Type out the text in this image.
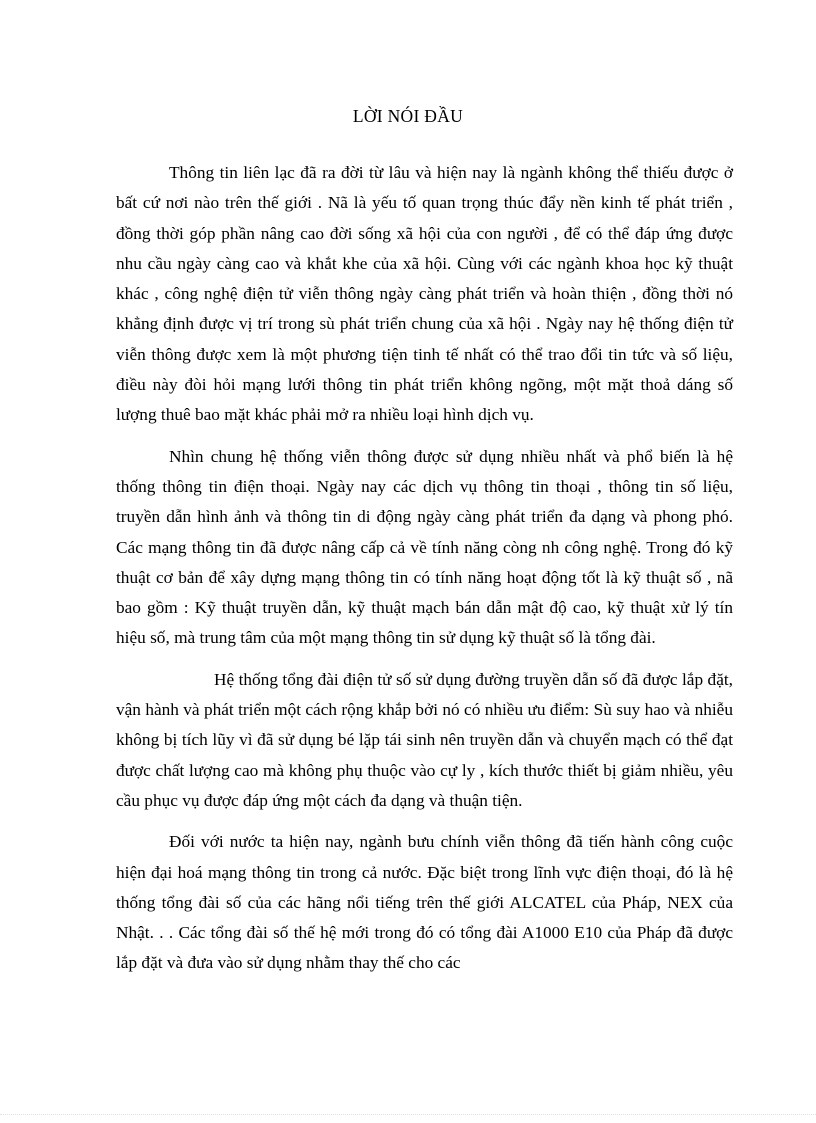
LỜI NÓI ĐẦU

Thông tin liên lạc đã ra đời từ lâu và hiện nay là ngành không thể thiếu được ở bất cứ nơi nào trên thế giới . Nã là yếu tố quan trọng thúc đẩy nền kinh tế phát triển , đồng thời góp phần nâng cao đời sống xã hội của con người , để có thể đáp ứng được nhu cầu ngày càng cao và khắt khe của xã hội. Cùng với các ngành khoa học kỹ thuật khác , công nghệ điện tử viễn thông ngày càng phát triển và hoàn thiện , đồng thời nó khẳng định được vị trí trong sù phát triển chung của xã hội . Ngày nay hệ thống điện tử viễn thông được xem là một phương tiện tinh tế nhất có thể trao đổi tin tức và số liệu, điều này đòi hỏi mạng lưới thông tin phát triển không ngõng, một mặt thoả dáng số lượng thuê bao mặt khác phải mở ra nhiều loại hình dịch vụ.

Nhìn chung hệ thống viễn thông được sử dụng nhiều nhất và phổ biến là hệ thống thông tin điện thoại. Ngày nay các dịch vụ thông tin thoại , thông tin số liệu, truyền dẫn hình ảnh và thông tin di động ngày càng phát triển đa dạng và phong phó. Các mạng thông tin đã được nâng cấp cả về tính năng còng nh công nghệ. Trong đó kỹ thuật cơ bản để xây dựng mạng thông tin có tính năng hoạt động tốt là kỹ thuật số , nã bao gồm : Kỹ thuật truyền dẫn, kỹ thuật mạch bán dẫn mật độ cao, kỹ thuật xử lý tín hiệu số, mà trung tâm của một mạng thông tin sử dụng kỹ thuật số là tổng đài.

Hệ thống tổng đài điện tử số sử dụng đường truyền dẫn số đã được lắp đặt, vận hành và phát triển một cách rộng khắp bởi nó có nhiều ưu điểm: Sù suy hao và nhiễu không bị tích lũy vì đã sử dụng bé lặp tái sinh nên truyền dẫn và chuyển mạch có thể đạt được chất lượng cao mà không phụ thuộc vào cự ly , kích thước thiết bị giảm nhiều, yêu cầu phục vụ được đáp ứng một cách đa dạng và thuận tiện.

Đối với nước ta hiện nay, ngành bưu chính viễn thông đã tiến hành công cuộc hiện đại hoá mạng thông tin trong cả nước. Đặc biệt trong lĩnh vực điện thoại, đó là hệ thống tổng đài số của các hãng nổi tiếng trên thế giới ALCATEL của Pháp, NEX của Nhật. . . Các tổng đài số thế hệ mới trong đó có tổng đài A1000 E10 của Pháp đã được lắp đặt và đưa vào sử dụng nhằm thay thế cho các
